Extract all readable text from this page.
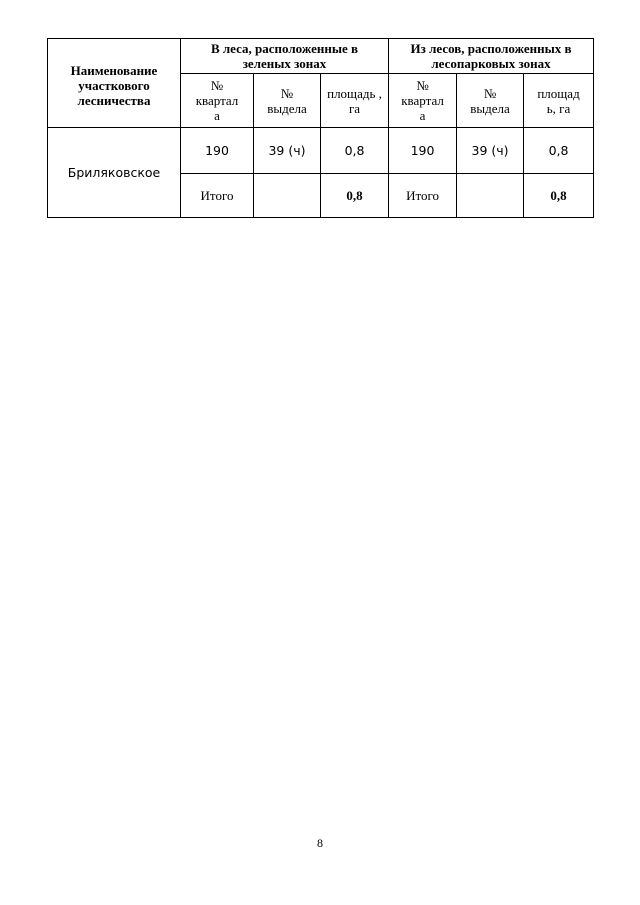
Наименование участкового лесничества	В леса, расположенные в зеленых зонах			Из лесов, расположенных в лесопарковых зонах		

	№ квартал а	№ выдела	площадь , га	№ квартал а	№ выдела	площад ь, га

Бриляковское	190	39 (ч)	0,8	190	39 (ч)	0,8
	Итого		0,8	Итого		0,8
8
